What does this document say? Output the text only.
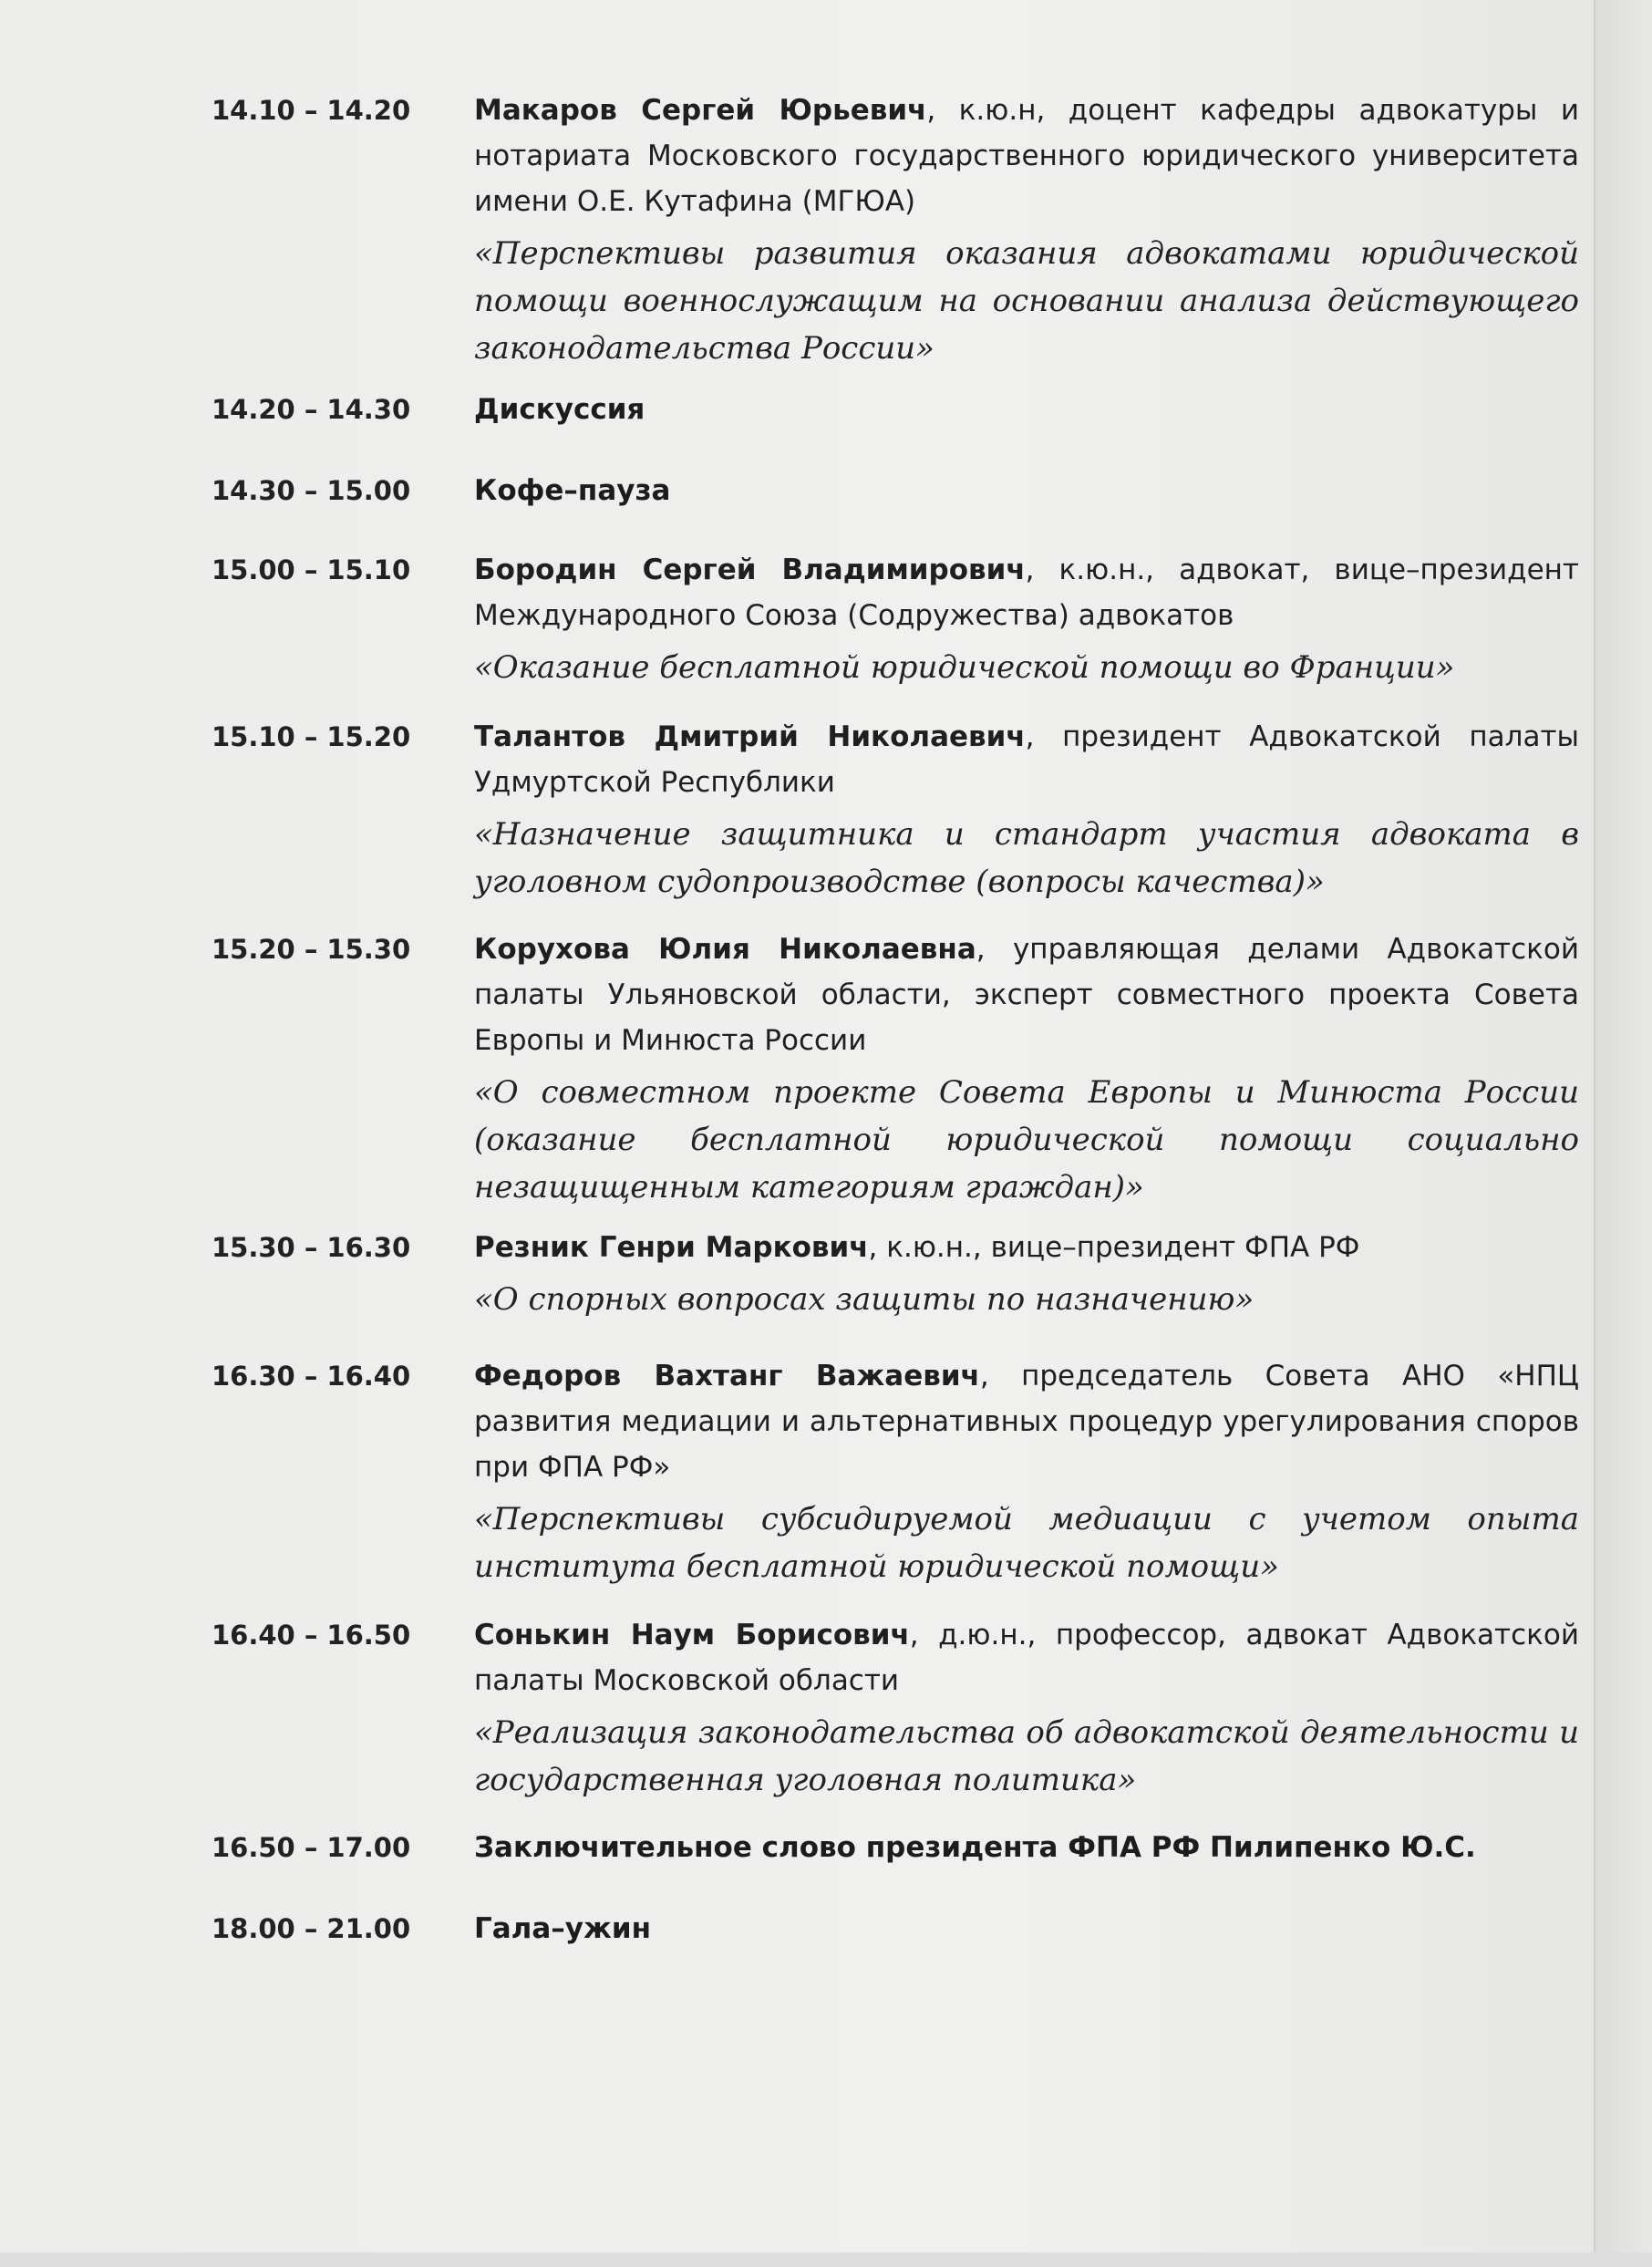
14.10 – 14.20	Макаров Сергей Юрьевич, к.ю.н, доцент кафедры адвокатуры и нотариата Московского государственного юридического университета имени О.Е. Кутафина (МГЮА)

«Перспективы развития оказания адвокатами юридической помощи военнослужащим на основании анализа действующего законодательства России»

14.20 – 14.30	Дискуссия

14.30 – 15.00	Кофе–пауза

15.00 – 15.10	Бородин Сергей Владимирович, к.ю.н., адвокат, вице–президент Международного Союза (Содружества) адвокатов

«Оказание бесплатной юридической помощи во Франции»

15.10 – 15.20	Талантов Дмитрий Николаевич, президент Адвокатской палаты Удмуртской Республики

«Назначение защитника и стандарт участия адвоката в уголовном судопроизводстве (вопросы качества)»

15.20 – 15.30	Корухова Юлия Николаевна, управляющая делами Адвокатской палаты Ульяновской области, эксперт совместного проекта Совета Европы и Минюста России

«О совместном проекте Совета Европы и Минюста России (оказание бесплатной юридической помощи социально незащищенным категориям граждан)»

15.30 – 16.30	Резник Генри Маркович, к.ю.н., вице–президент ФПА РФ

«О спорных вопросах защиты по назначению»

16.30 – 16.40	Федоров Вахтанг Важаевич, председатель Совета АНО «НПЦ развития медиации и альтернативных процедур урегулирования споров при ФПА РФ»

«Перспективы субсидируемой медиации с учетом опыта института бесплатной юридической помощи»

16.40 – 16.50	Сонькин Наум Борисович, д.ю.н., профессор, адвокат Адвокатской палаты Московской области

«Реализация законодательства об адвокатской деятельности и государственная уголовная политика»

16.50 – 17.00	Заключительное слово президента ФПА РФ Пилипенко Ю.С.

18.00 – 21.00	Гала–ужин
